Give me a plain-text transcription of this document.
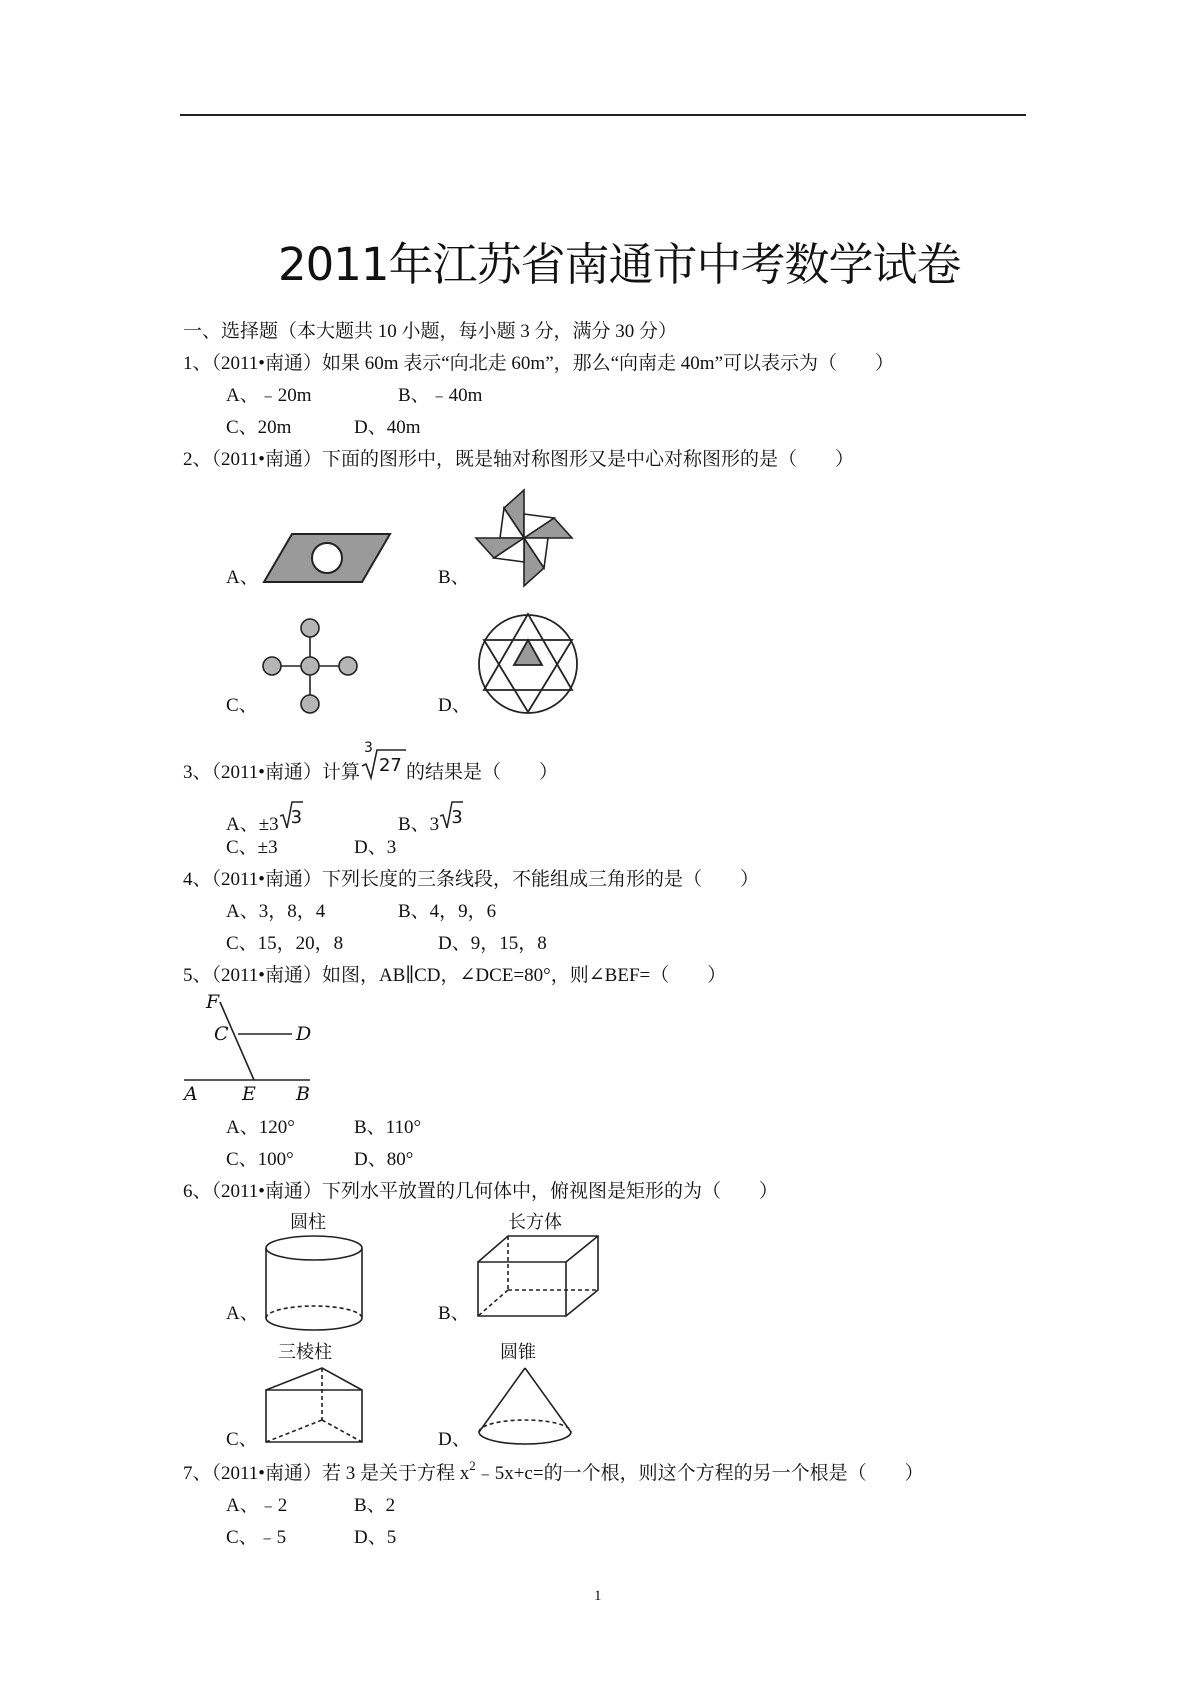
2011年江苏省南通市中考数学试卷
一、选择题（本大题共 10 小题，每小题 3 分，满分 30 分）
1、（2011•南通）如果 60m 表示“向北走 60m”，那么“向南走 40m”可以表示为（　　）
A、﹣20m	B、﹣40m
C、20m	D、40m
2、（2011•南通）下面的图形中，既是轴对称图形又是中心对称图形的是（　　）
A、	B、
C、	D、
3、（2011•南通）计算
3
27 的结果是（　　）
A、±3 3	B、3 3
C、±3	D、3
4、（2011•南通）下列长度的三条线段，不能组成三角形的是（　　）
A、3，8，4	B、4，9，6
C、15，20，8	D、9，15，8
5、（2011•南通）如图，AB∥CD，∠DCE=80°，则∠BEF=（　　）
F
C	D
A E B
A、120°	B、110°
C、100°	D、80°
6、（2011•南通）下列水平放置的几何体中，俯视图是矩形的为（　　）
圆柱	长方体
A、	B、
三棱柱	圆锥
C、	D、
7、（2011•南通）若 3 是关于方程 $x^2﹣5x+c=$的一个根，则这个方程的另一个根是（　　）
A、﹣2	B、2
C、﹣5	D、5
1
